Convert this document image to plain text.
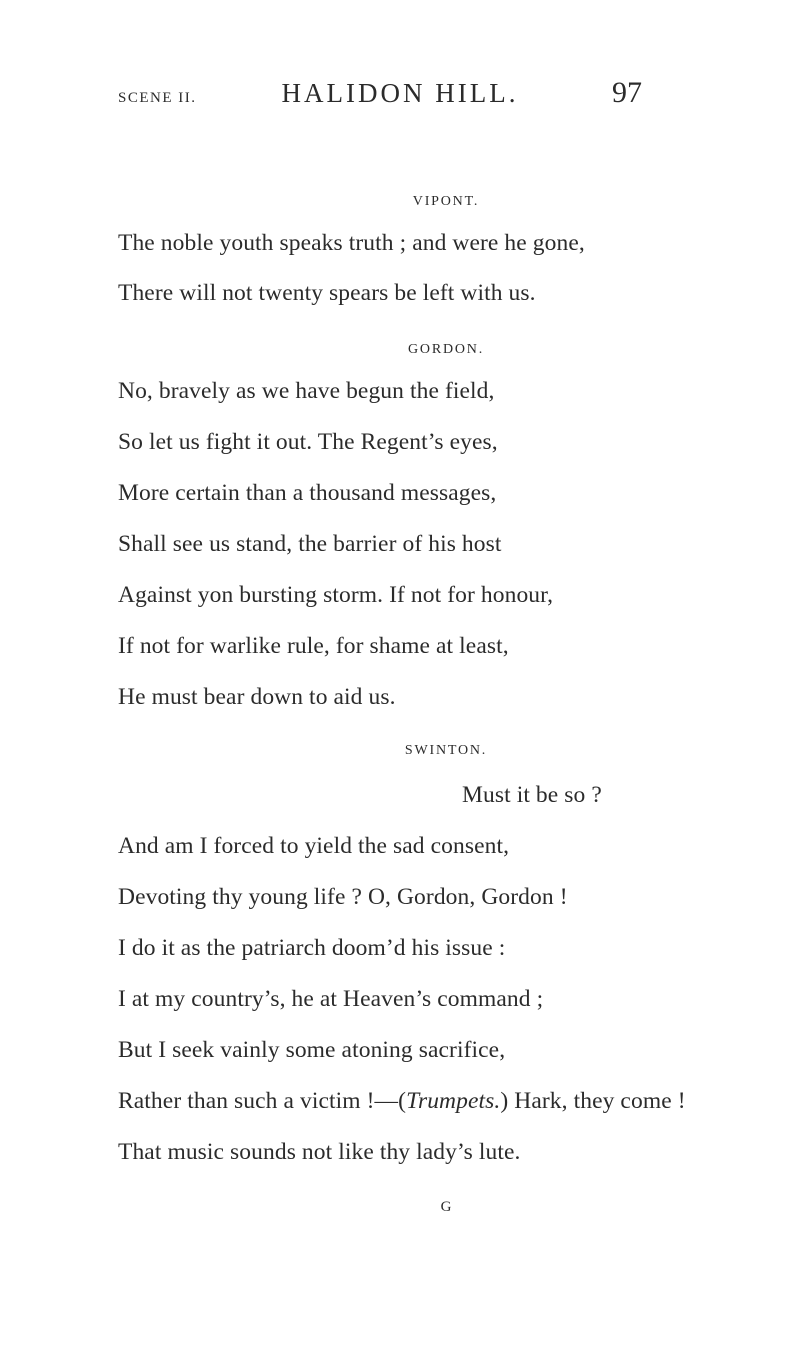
SCENE II.	HALIDON HILL.	97
VIPONT.
The noble youth speaks truth ; and were he gone,
There will not twenty spears be left with us.
GORDON.
No, bravely as we have begun the field,
So let us fight it out. The Regent’s eyes,
More certain than a thousand messages,
Shall see us stand, the barrier of his host
Against yon bursting storm. If not for honour,
If not for warlike rule, for shame at least,
He must bear down to aid us.
SWINTON.
Must it be so ?
And am I forced to yield the sad consent,
Devoting thy young life ? O, Gordon, Gordon !
I do it as the patriarch doom’d his issue :
I at my country’s, he at Heaven’s command ;
But I seek vainly some atoning sacrifice,
Rather than such a victim !—(Trumpets.) Hark, they come !
That music sounds not like thy lady’s lute.
G
